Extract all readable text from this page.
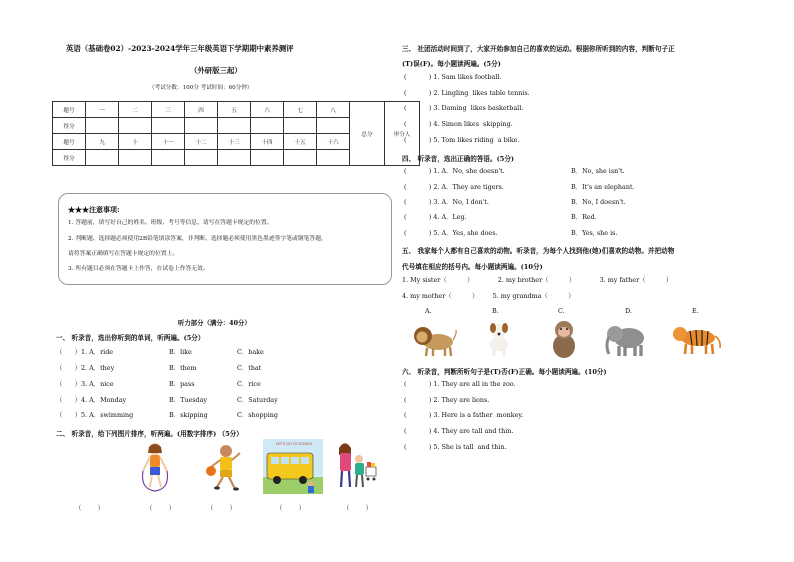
英语（基础卷02）-2023-2024学年三年级英语下学期期中素养测评
（外研版三起）
（考试分数：100分 考试时间：60分钟）
题号	一	二	三	四	五	六	七	八	总分	审分人
得分										
题号	九	十	十一	十二	十三	十四	十五	十六		
得分										
★★★注意事项:
1. 答题前，填写好自己的姓名、班级、考号等信息，请写在答题卡规定的位置。
2. 判断题、选择题必须使用2B铅笔填涂答案，非判断、选择题必须使用黑色墨迹签字笔或钢笔答题，
请将答案正确填写在答题卡规定的位置上。
3. 所有题目必须在答题卡上作答，在试卷上作答无效。
听力部分（满分：40分）
一、 听录音，选出你听到的单词，听两遍。(5分）
（      ）1. A．ride	B．like	C．bake
（      ）2. A．they	B．them	C．that
（      ）3. A．nice	B．pass	C．rice
（      ）4. A．Monday	B．Tuesday	C．Saturday
（      ）5. A．swimming	B．skipping	C．shopping
二、 听录音，给下列图片排序，听两遍。(用数字排序) （5分）
LET'S GO TO SCHOOL
（        ）	（        ）	（        ）	（        ）	（        ）
三、 社团活动时间到了，大家开始参加自己的喜欢的运动。根据你所听到的内容，判断句子正
(T)误(F)。每小题读两遍。(5分)
(           ) 1. Sam likes football.
(           ) 2. Lingling  likes table tennis.
(           ) 3. Daming  likes basketball.
(           ) 4. Simon likes  skipping.
(           ) 5. Tom likes riding  a bike.
四、 听录音，选出正确的答语。(5分)
(           ) 1. A．No, she doesn't.	B．No, she isn't.
(           ) 2. A．They are tigers.	B．It's an elephant.
(           ) 3. A．No, I don't.	B．No, I doesn't.
(           ) 4. A．Leg.	B．Red.
(           ) 5. A．Yes, she does.	B．Yes, she is.
五、 我家每个人都有自己喜欢的动物。听录音，为每个人找到他(她)们喜欢的动物。并把动物
代号填在相应的括号内。每小题读两遍。(10分)
1. My sister（          ）            2. my brother（          ）            3. my father（          ）
4. my mother（          ）       5. my grandma（          ）
A.	B.	C.	D.	E.
六、 听录音，判断所听句子是(T)否(F)正确。每小题读两遍。(10分)
(           ) 1. They are all in the zoo.
(           ) 2. They are lions.
(           ) 3. Here is a father  monkey.
(           ) 4. They are tall and thin.
(           ) 5. She is tall  and thin.
